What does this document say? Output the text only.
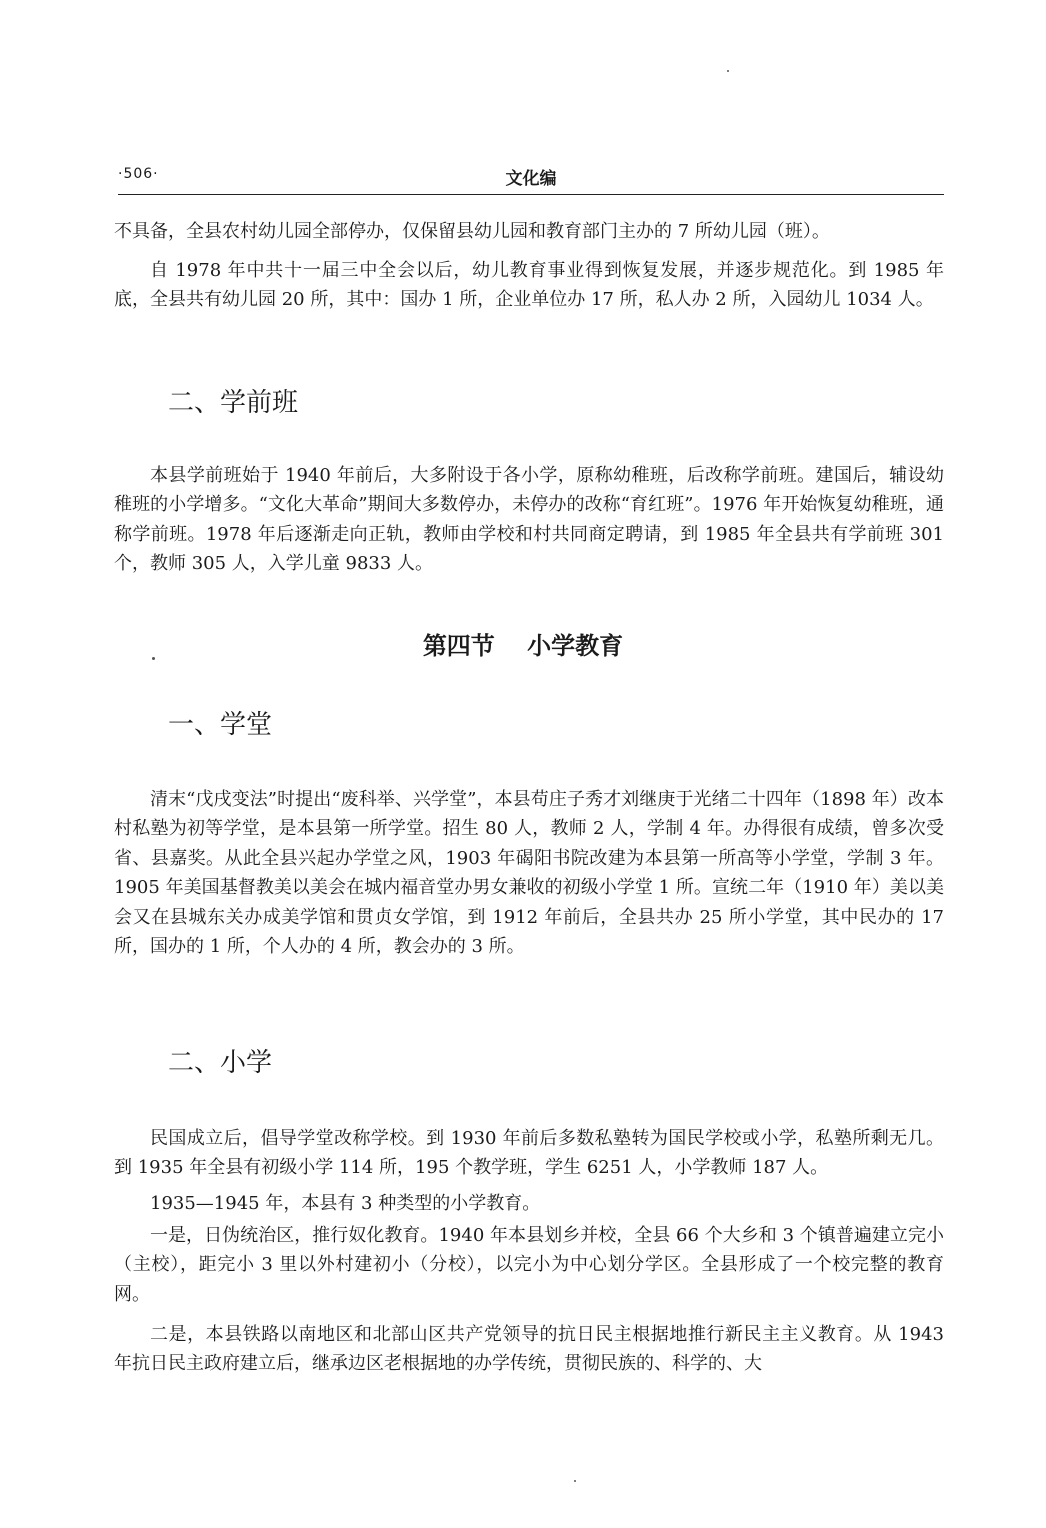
·506·	文化编

不具备，全县农村幼儿园全部停办，仅保留县幼儿园和教育部门主办的 7 所幼儿园（班）。

自 1978 年中共十一届三中全会以后，幼儿教育事业得到恢复发展，并逐步规范化。到 1985 年底，全县共有幼儿园 20 所，其中：国办 1 所，企业单位办 17 所，私人办 2 所，入园幼儿 1034 人。

二、学前班

本县学前班始于 1940 年前后，大多附设于各小学，原称幼稚班，后改称学前班。建国后，辅设幼稚班的小学增多。“文化大革命”期间大多数停办，未停办的改称“育红班”。1976 年开始恢复幼稚班，通称学前班。1978 年后逐渐走向正轨，教师由学校和村共同商定聘请，到 1985 年全县共有学前班 301 个，教师 305 人，入学儿童 9833 人。

第四节 小学教育
一、学堂

清末“戊戌变法”时提出“废科举、兴学堂”，本县苟庄子秀才刘继庚于光绪二十四年（1898 年）改本村私塾为初等学堂，是本县第一所学堂。招生 80 人，教师 2 人，学制 4 年。办得很有成绩，曾多次受省、县嘉奖。从此全县兴起办学堂之风，1903 年碣阳书院改建为本县第一所高等小学堂，学制 3 年。1905 年美国基督教美以美会在城内福音堂办男女兼收的初级小学堂 1 所。宣统二年（1910 年）美以美会又在县城东关办成美学馆和贯贞女学馆，到 1912 年前后，全县共办 25 所小学堂，其中民办的 17 所，国办的 1 所，个人办的 4 所，教会办的 3 所。

二、小学

民国成立后，倡导学堂改称学校。到 1930 年前后多数私塾转为国民学校或小学，私塾所剩无几。到 1935 年全县有初级小学 114 所，195 个教学班，学生 6251 人，小学教师 187 人。

1935—1945 年，本县有 3 种类型的小学教育。

一是，日伪统治区，推行奴化教育。1940 年本县划乡并校，全县 66 个大乡和 3 个镇普遍建立完小（主校），距完小 3 里以外村建初小（分校），以完小为中心划分学区。全县形成了一个校完整的教育网。

二是，本县铁路以南地区和北部山区共产党领导的抗日民主根据地推行新民主主义教育。从 1943 年抗日民主政府建立后，继承边区老根据地的办学传统，贯彻民族的、科学的、大
